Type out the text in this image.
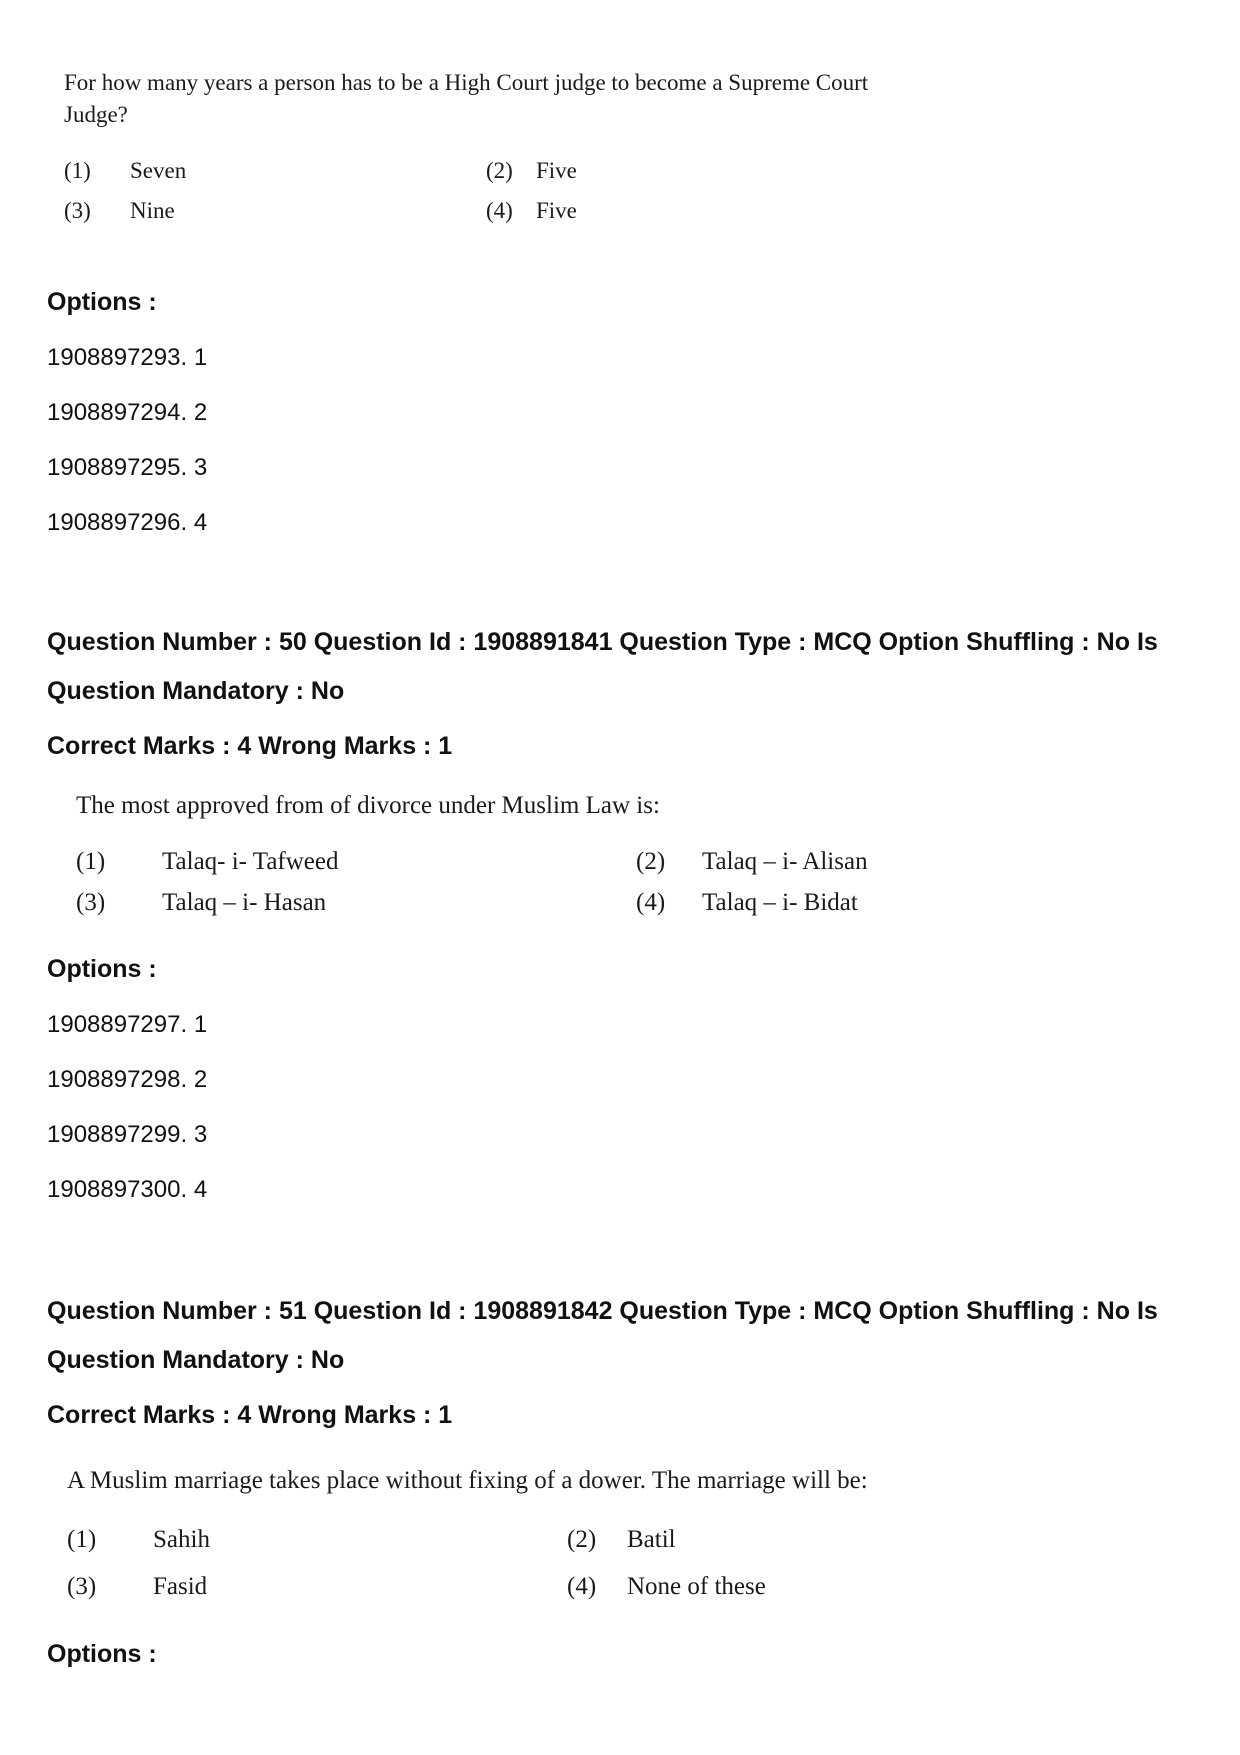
For how many years a person has to be a High Court judge to become a Supreme Court

Judge?

(1) Seven	(2) Five
(3) Nine	(4) Five

Options :

1908897293. 1

1908897294. 2

1908897295. 3

1908897296. 4

Question Number : 50 Question Id : 1908891841 Question Type : MCQ Option Shuffling : No Is

Question Mandatory : No

Correct Marks : 4 Wrong Marks : 1

The most approved from of divorce under Muslim Law is:

(1) Talaq- i- Tafweed	(2) Talaq – i- Alisan
(3) Talaq – i- Hasan	(4) Talaq – i- Bidat

Options :

1908897297. 1

1908897298. 2

1908897299. 3

1908897300. 4

Question Number : 51 Question Id : 1908891842 Question Type : MCQ Option Shuffling : No Is

Question Mandatory : No

Correct Marks : 4 Wrong Marks : 1

A Muslim marriage takes place without fixing of a dower. The marriage will be:

(1) Sahih	(2) Batil
(3) Fasid	(4) None of these

Options :
